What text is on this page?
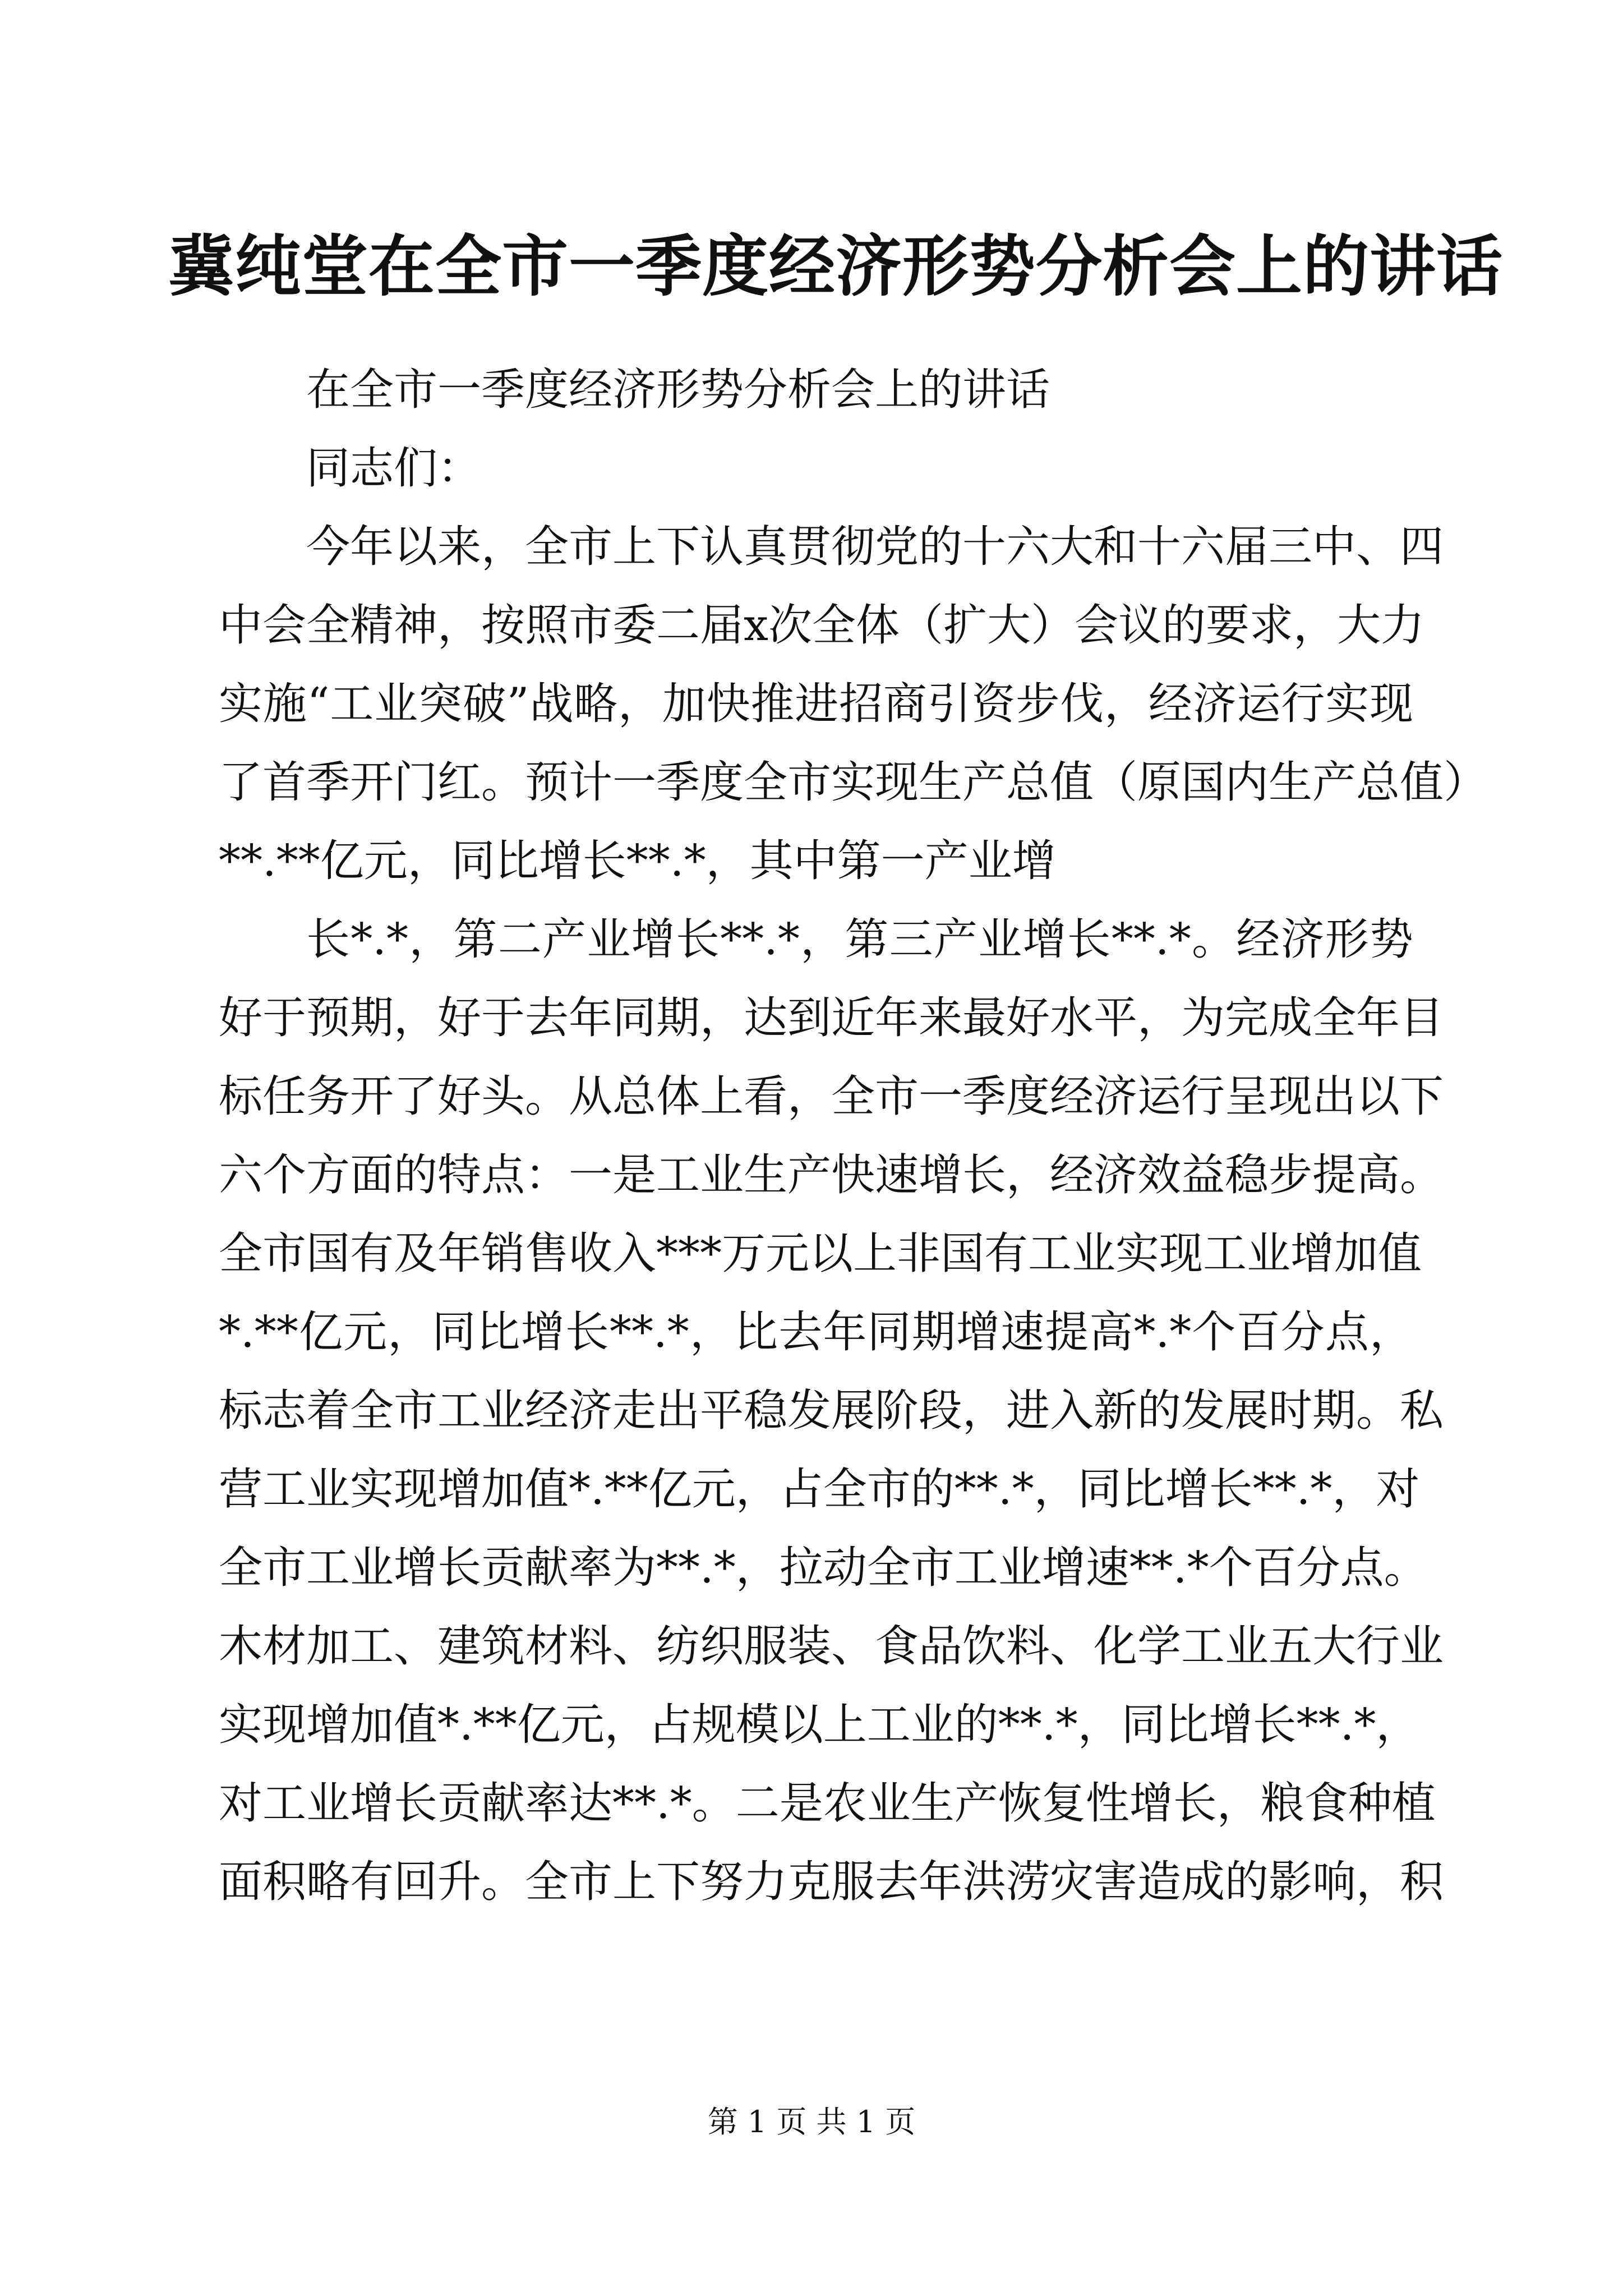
冀纯堂在全市一季度经济形势分析会上的讲话
在全市一季度经济形势分析会上的讲话
同志们：
今年以来，全市上下认真贯彻党的十六大和十六届三中、四
中会全精神，按照市委二届x次全体（扩大）会议的要求，大力
实施“工业突破”战略，加快推进招商引资步伐，经济运行实现
了首季开门红。预计一季度全市实现生产总值（原国内生产总值）
**.**亿元，同比增长**.*，其中第一产业增
长*.*，第二产业增长**.*，第三产业增长**.*。经济形势
好于预期，好于去年同期，达到近年来最好水平，为完成全年目
标任务开了好头。从总体上看，全市一季度经济运行呈现出以下
六个方面的特点：一是工业生产快速增长，经济效益稳步提高。
全市国有及年销售收入***万元以上非国有工业实现工业增加值
*.**亿元，同比增长**.*，比去年同期增速提高*.*个百分点，
标志着全市工业经济走出平稳发展阶段，进入新的发展时期。私
营工业实现增加值*.**亿元，占全市的**.*，同比增长**.*，对
全市工业增长贡献率为**.*，拉动全市工业增速**.*个百分点。
木材加工、建筑材料、纺织服装、食品饮料、化学工业五大行业
实现增加值*.**亿元，占规模以上工业的**.*，同比增长**.*，
对工业增长贡献率达**.*。二是农业生产恢复性增长，粮食种植
面积略有回升。全市上下努力克服去年洪涝灾害造成的影响，积
第 1 页 共 1 页
